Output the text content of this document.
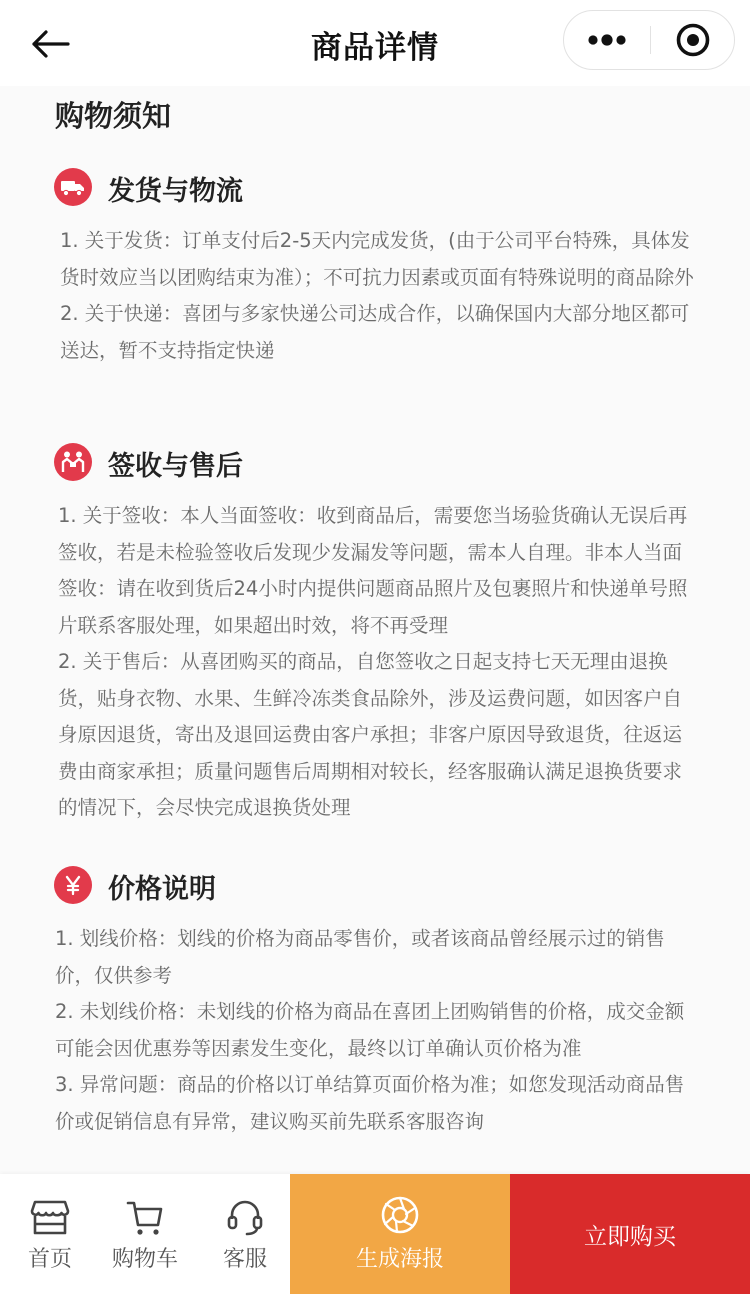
商品详情
购物须知
发货与物流

1. 关于发货：订单支付后2-5天内完成发货，(由于公司平台特殊，具体发货时效应当以团购结束为准）；不可抗力因素或页面有特殊说明的商品除外

2. 关于快递：喜团与多家快递公司达成合作，以确保国内大部分地区都可送达，暂不支持指定快递

签收与售后

1. 关于签收：本人当面签收：收到商品后，需要您当场验货确认无误后再签收，若是未检验签收后发现少发漏发等问题，需本人自理。非本人当面签收：请在收到货后24小时内提供问题商品照片及包裹照片和快递单号照片联系客服处理，如果超出时效，将不再受理

2. 关于售后：从喜团购买的商品，自您签收之日起支持七天无理由退换货，贴身衣物、水果、生鲜冷冻类食品除外，涉及运费问题，如因客户自身原因退货，寄出及退回运费由客户承担；非客户原因导致退货，往返运费由商家承担；质量问题售后周期相对较长，经客服确认满足退换货要求的情况下，会尽快完成退换货处理

价格说明

1. 划线价格：划线的价格为商品零售价，或者该商品曾经展示过的销售价，仅供参考

2. 未划线价格：未划线的价格为商品在喜团上团购销售的价格，成交金额可能会因优惠券等因素发生变化，最终以订单确认页价格为准

3. 异常问题：商品的价格以订单结算页面价格为准；如您发现活动商品售价或促销信息有异常，建议购买前先联系客服咨询

首页	购物车	客服	生成海报
立即购买
